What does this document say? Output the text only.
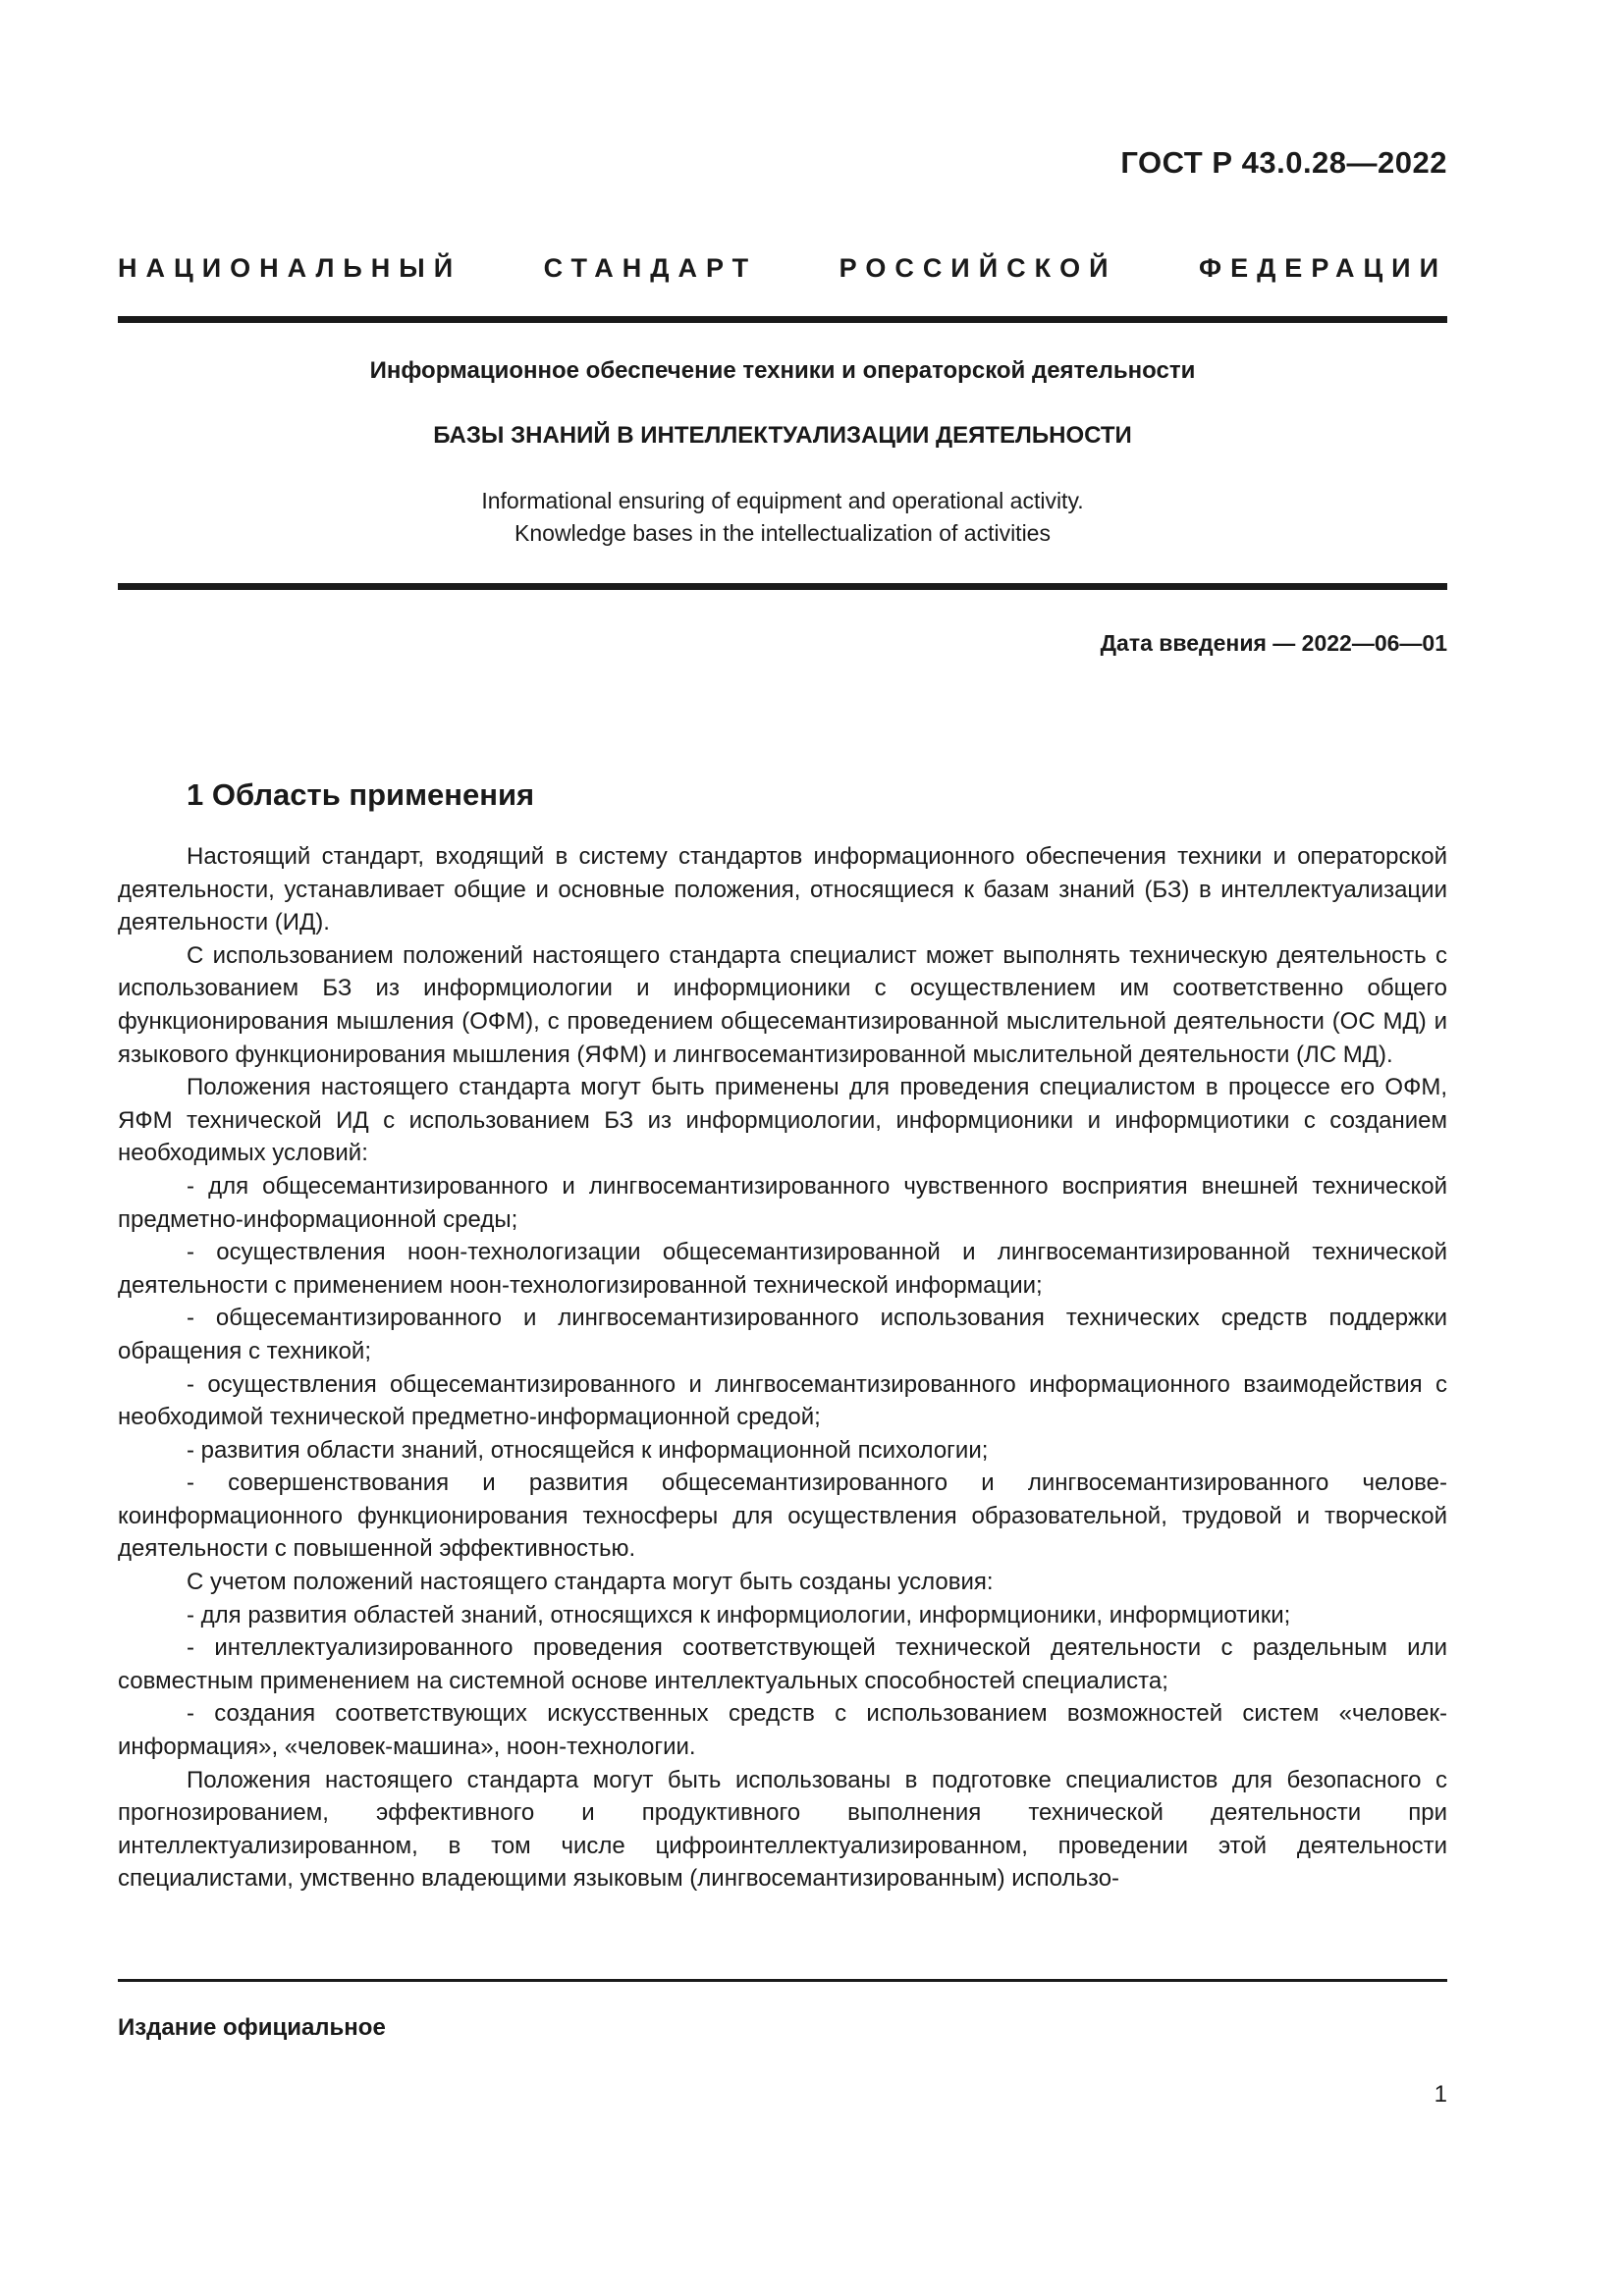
ГОСТ Р 43.0.28—2022
НАЦИОНАЛЬНЫЙ СТАНДАРТ РОССИЙСКОЙ ФЕДЕРАЦИИ
Информационное обеспечение техники и операторской деятельности
БАЗЫ ЗНАНИЙ В ИНТЕЛЛЕКТУАЛИЗАЦИИ ДЕЯТЕЛЬНОСТИ
Informational ensuring of equipment and operational activity.
Knowledge bases in the intellectualization of activities
Дата введения — 2022—06—01
1 Область применения

Настоящий стандарт, входящий в систему стандартов информационного обеспечения техники и операторской деятельности, устанавливает общие и основные положения, относящиеся к базам знаний (БЗ) в интеллектуализации деятельности (ИД).

С использованием положений настоящего стандарта специалист может выполнять техническую деятельность с использованием БЗ из информциологии и информционики с осуществлением им соответственно общего функционирования мышления (ОФМ), с проведением общесемантизированной мыслительной деятельности (ОС МД) и языкового функционирования мышления (ЯФМ) и лингвосемантизированной мыслительной деятельности (ЛС МД).

Положения настоящего стандарта могут быть применены для проведения специалистом в процессе его ОФМ, ЯФМ технической ИД с использованием БЗ из информциологии, информционики и информциотики с созданием необходимых условий:

- для общесемантизированного и лингвосемантизированного чувственного восприятия внешней технической предметно-информационной среды;

- осуществления ноон-технологизации общесемантизированной и лингвосемантизированной технической деятельности с применением ноон-технологизированной технической информации;

- общесемантизированного и лингвосемантизированного использования технических средств поддержки обращения с техникой;

- осуществления общесемантизированного и лингвосемантизированного информационного взаимодействия с необходимой технической предметно-информационной средой;

- развития области знаний, относящейся к информационной психологии;

- совершенствования и развития общесемантизированного и лингвосемантизированного человекоинформационного функционирования техносферы для осуществления образовательной, трудовой и творческой деятельности с повышенной эффективностью.

С учетом положений настоящего стандарта могут быть созданы условия:

- для развития областей знаний, относящихся к информциологии, информционики, информциотики;

- интеллектуализированного проведения соответствующей технической деятельности с раздельным или совместным применением на системной основе интеллектуальных способностей специалиста;

- создания соответствующих искусственных средств с использованием возможностей систем «человек-информация», «человек-машина», ноон-технологии.

Положения настоящего стандарта могут быть использованы в подготовке специалистов для безопасного с прогнозированием, эффективного и продуктивного выполнения технической деятельности при интеллектуализированном, в том числе цифроинтеллектуализированном, проведении этой деятельности специалистами, умственно владеющими языковым (лингвосемантизированным) использо-

Издание официальное
1
